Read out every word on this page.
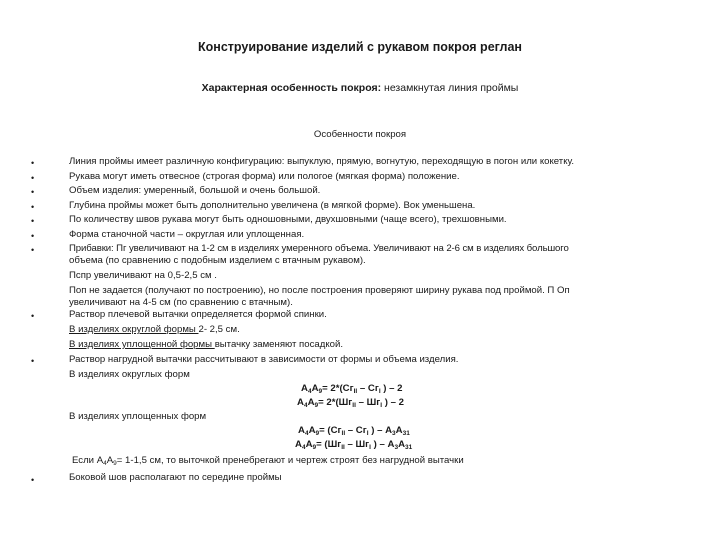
Конструирование изделий с рукавом покроя реглан
Характерная особенность покроя: незамкнутая линия проймы
Особенности покроя
•
•
•
•
•
•
•
•
•
•
Линия проймы имеет различную конфигурацию: выпуклую, прямую, вогнутую, переходящую в погон или кокетку.
Рукава могут иметь отвесное (строгая форма) или пологое (мягкая форма) положение.
Объем изделия: умеренный, большой и очень большой.
Глубина проймы может быть дополнительно увеличена (в мягкой форме). Вок уменьшена.
По количеству швов рукава могут быть одношовными, двухшовными (чаще всего), трехшовными.
Форма станочной части – округлая или уплощенная.
Прибавки: Пг увеличивают на 1-2 см в изделиях умеренного объема. Увеличивают на 2-6 см в изделиях большого
объема (по сравнению с подобным изделием с втачным рукавом).
Пспр увеличивают на 0,5-2,5 см .
Поп не задается (получают по построению), но после построения проверяют ширину рукава под проймой. П Оп
увеличивают на 4-5 см (по сравнению с втачным).
Раствор плечевой вытачки определяется формой спинки.
В изделиях округлой формы 2- 2,5 см.
В изделиях уплощенной формы вытачку заменяют посадкой.
Раствор нагрудной вытачки рассчитывают в зависимости от формы и объема изделия.
В изделиях округлых форм
$А_4А_9= 2*(Сг_{II} - Сг_I$ ) – 2
$А_4А_9= 2*(Шг_{II} - Шг_I$ ) – 2
В изделиях уплощенных форм
$А_4А_9= (Сг_{II} - Сг_I$ ) – $А_3А_{31}$
$А_4А_9= (Шг_{II} - Шг_I$ ) – $А_3А_{31}$
Если $А_4А_9= 1-1,5$ см, то выточкой пренебрегают и чертеж строят без нагрудной вытачки
Боковой шов располагают по середине проймы
